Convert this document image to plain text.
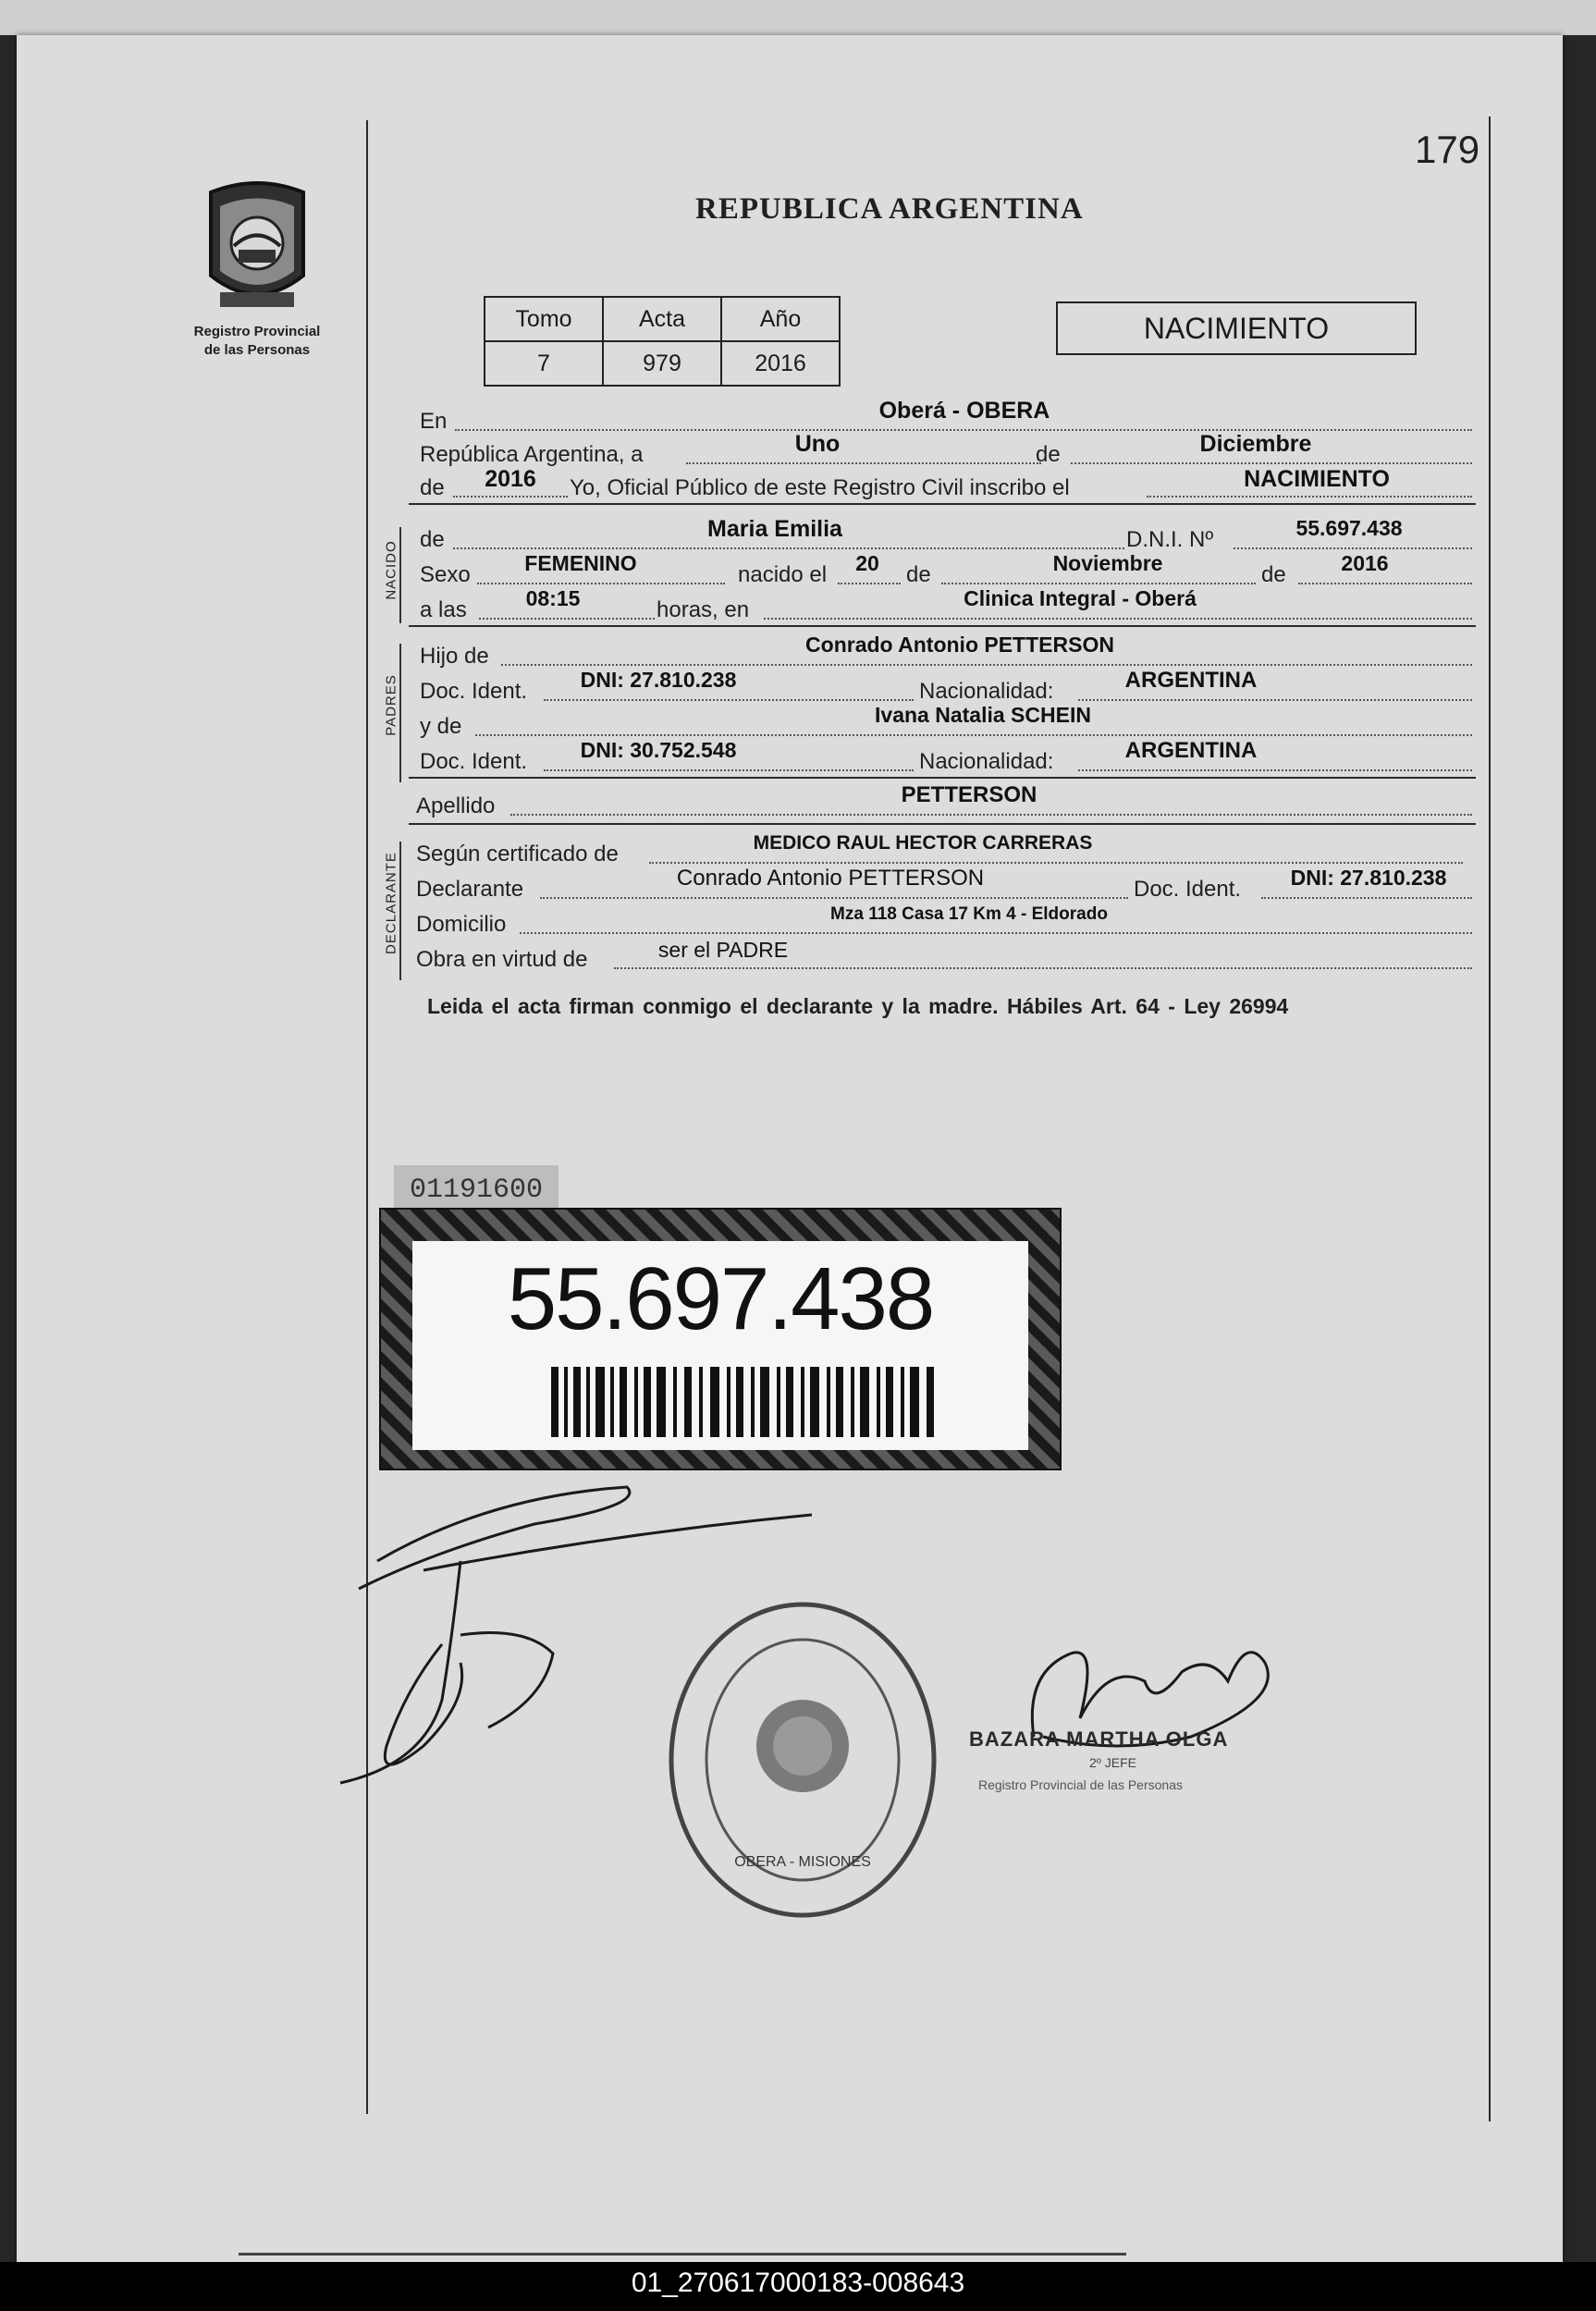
179
Registro Provincial
de las Personas
REPUBLICA ARGENTINA
Tomo	Acta	Año
7	979	2016
NACIMIENTO
En	Oberá - OBERA
República Argentina, a	Uno	de	Diciembre
de	2016	Yo, Oficial Público de este Registro Civil inscribo el	NACIMIENTO
NACIDO
de	Maria Emilia	D.N.I. Nº	55.697.438
Sexo	FEMENINO	nacido el	20	de	Noviembre	de	2016
a las	08:15	horas, en	Clinica Integral - Oberá
PADRES
Hijo de	Conrado Antonio PETTERSON
Doc. Ident.	DNI: 27.810.238	Nacionalidad:	ARGENTINA
y de	Ivana Natalia SCHEIN
Doc. Ident.	DNI: 30.752.548	Nacionalidad:	ARGENTINA
Apellido	PETTERSON
DECLARANTE Según certificado de	MEDICO RAUL HECTOR CARRERAS
Declarante	Conrado Antonio PETTERSON	Doc. Ident.	DNI: 27.810.238
Domicilio	Mza 118 Casa 17 Km 4 - Eldorado
Obra en virtud de	ser el PADRE
Leida el acta firman conmigo el declarante y la madre. Hábiles Art. 64 - Ley 26994
01191600
55.697.438
OBERA - MISIONES
BAZARA MARTHA OLGA
2º JEFE
Registro Provincial de las Personas
01_270617000183-008643
